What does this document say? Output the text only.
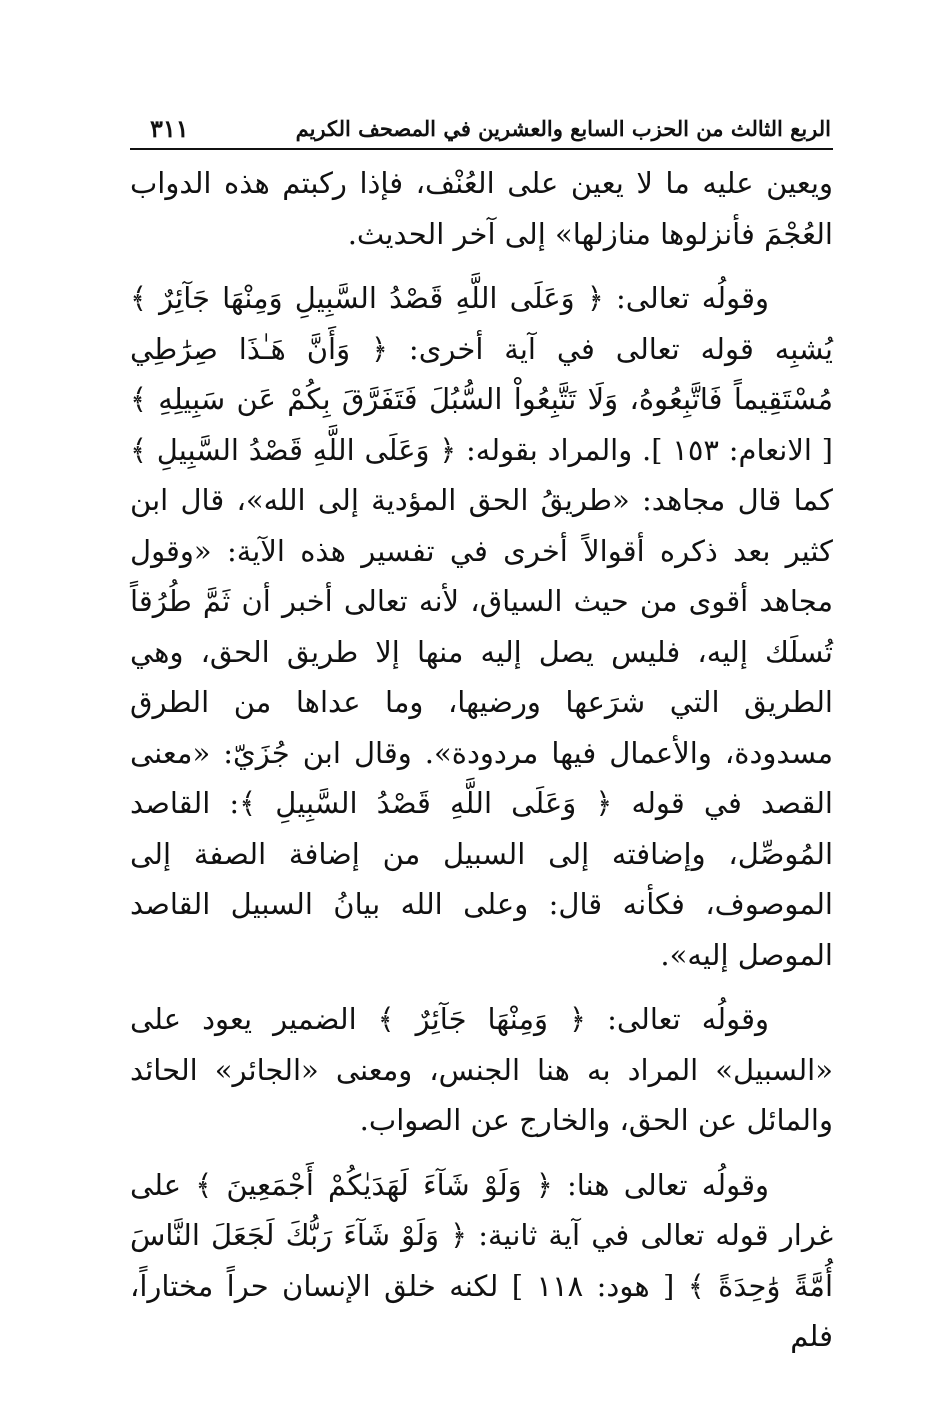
الربع الثالث من الحزب السابع والعشرين في المصحف الكريم
٣١١

ويعين عليه ما لا يعين على العُنْف، فإذا ركبتم هذه الدواب العُجْمَ فأنزلوها منازلها» إلى آخر الحديث.

وقولُه تعالى: ﴿ وَعَلَى اللَّهِ قَصْدُ السَّبِيلِ وَمِنْهَا جَآئِرٌ ﴾ يُشبِه قوله تعالى في آية أخرى: ﴿ وَأَنَّ هَـٰذَا صِرَٰطِي مُسْتَقِيماً فَاتَّبِعُوهُ، وَلَا تَتَّبِعُواْ السُّبُلَ فَتَفَرَّقَ بِكُمْ عَن سَبِيلِهِ ﴾ [ الانعام: ١٥٣ ]. والمراد بقوله: ﴿ وَعَلَى اللَّهِ قَصْدُ السَّبِيلِ ﴾ كما قال مجاهد: «طريقُ الحق المؤدية إلى الله»، قال ابن كثير بعد ذكره أقوالاً أخرى في تفسير هذه الآية: «وقول مجاهد أقوى من حيث السياق، لأنه تعالى أخبر أن ثَمَّ طُرُقاً تُسلَك إليه، فليس يصل إليه منها إلا طريق الحق، وهي الطريق التي شرَعها ورضيها، وما عداها من الطرق مسدودة، والأعمال فيها مردودة». وقال ابن جُزَيّ: «معنى القصد في قوله ﴿ وَعَلَى اللَّهِ قَصْدُ السَّبِيلِ ﴾: القاصد المُوصِّل، وإضافته إلى السبيل من إضافة الصفة إلى الموصوف، فكأنه قال: وعلى الله بيانُ السبيل القاصد الموصل إليه».

وقولُه تعالى: ﴿ وَمِنْهَا جَآئِرٌ ﴾ الضمير يعود على «السبيل» المراد به هنا الجنس، ومعنى «الجائر» الحائد والمائل عن الحق، والخارج عن الصواب.

وقولُه تعالى هنا: ﴿ وَلَوْ شَآءَ لَهَدَيٰكُمْ أَجْمَعِينَ ﴾ على غرار قوله تعالى في آية ثانية: ﴿ وَلَوْ شَآءَ رَبُّكَ لَجَعَلَ النَّاسَ أُمَّةً وَٰحِدَةً ﴾ [ هود: ١١٨ ] لكنه خلق الإنسان حراً مختاراً، فلم
